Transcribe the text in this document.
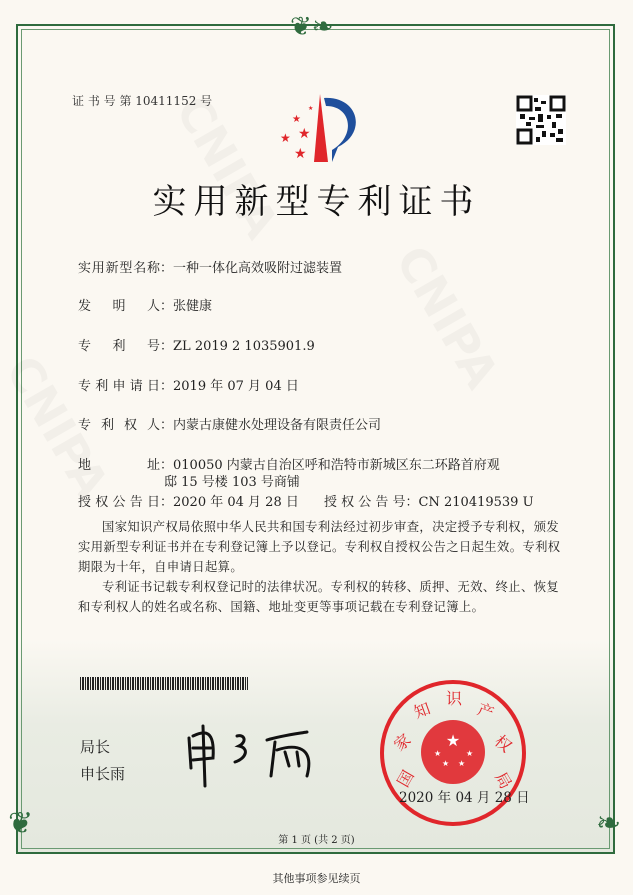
❦❧
❦	❧
证 书 号 第 10411152 号
★
★
★
★
★
实用新型专利证书
实用新型名称：一种一体化高效吸附过滤装置
发 明 人：张健康
专 利 号：ZL 2019 2 1035901.9
专利申请日：2019 年 07 月 04 日
专 利 权 人：内蒙古康健水处理设备有限责任公司
地 址：010050 内蒙古自治区呼和浩特市新城区东二环路首府观
邸 15 号楼 103 号商铺
授权公告日：2020 年 04 月 28 日 授 权 公 告 号：CN 210419539 U

国家知识产权局依照中华人民共和国专利法经过初步审查，决定授予专利权，颁发实用新型专利证书并在专利登记簿上予以登记。专利权自授权公告之日起生效。专利权期限为十年，自申请日起算。

专利证书记载专利权登记时的法律状况。专利权的转移、质押、无效、终止、恢复和专利权人的姓名或名称、国籍、地址变更等事项记载在专利登记簿上。

局长
申长雨
★
★	★
★ ★
国
家
知
识
产
权
局
2020 年 04 月 28 日
第 1 页 (共 2 页)
其他事项参见续页
